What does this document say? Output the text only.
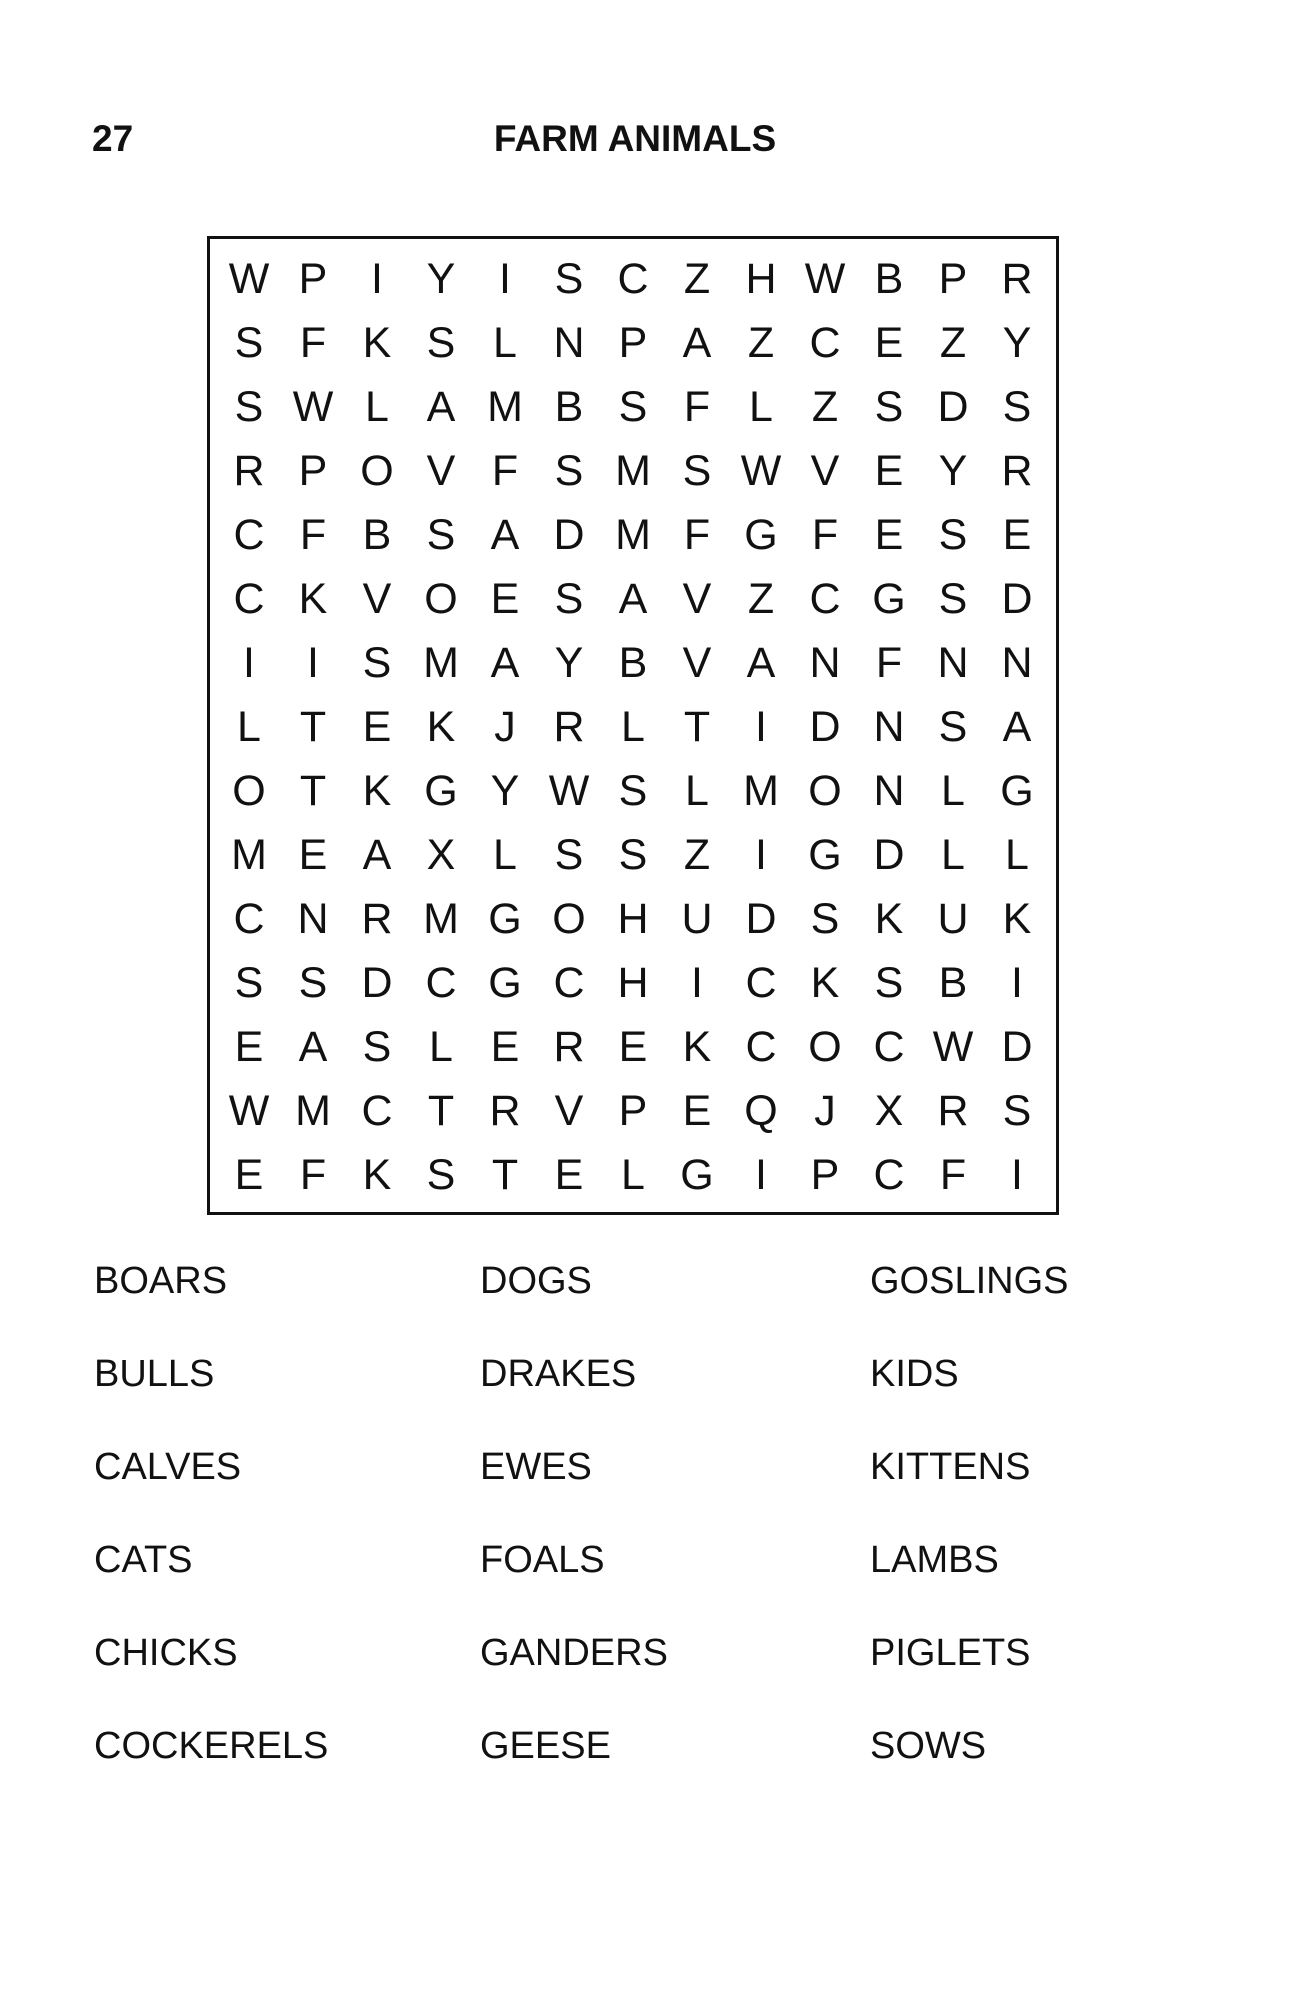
27	FARM ANIMALS
W P	I	Y	I	S C Z H W B P R
S F K S L N P A Z C E Z Y
S W L A M B S F L Z S D S
R P O V F S M S W V E Y R
C F B S A D M F G F E S E
C K V O E S A V Z C G S D
I	I	S M A Y B V A N F N N
L T E K J R L T	I D N S A
O T K G Y W S L M O N L G
M E A X L S S Z	I G D L L
C N R M G O H U D S K U K
S S D C G C H I C K S B	I
E A S L E R E K C O C W D
W M C T R V P E Q J X R S
E F K S T E L G I	P C F	I
BOARS
BULLS
CALVES
CATS
CHICKS
COCKERELS
DOGS
DRAKES
EWES
FOALS
GANDERS
GEESE
GOSLINGS
KIDS
KITTENS
LAMBS
PIGLETS
SOWS
